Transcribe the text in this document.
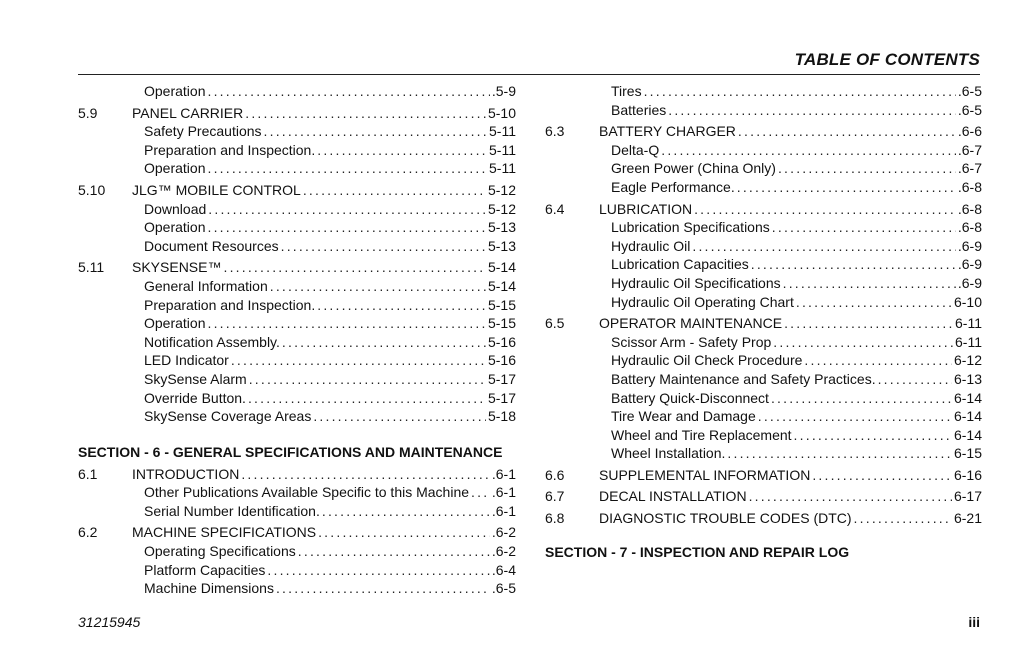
TABLE OF CONTENTS
Operation .....	.5-9
5.9	PANEL CARRIER .....	5-10
Safety Precautions .....	5-11
Preparation and Inspection. .....	5-11
Operation .....	5-11
5.10	JLG™ MOBILE CONTROL .....	5-12
Download .....	5-12
Operation .....	5-13
Document Resources .....	5-13
5.11	SKYSENSE™ .....	5-14
General Information .....	5-14
Preparation and Inspection. .....	5-15
Operation .....	5-15
Notification Assembly. .....	5-16
LED Indicator .....	5-16
SkySense Alarm .....	5-17
Override Button. .....	5-17
SkySense Coverage Areas .....	5-18
SECTION - 6 - GENERAL SPECIFICATIONS AND MAINTENANCE
6.1	INTRODUCTION .....	.6-1
Other Publications Available Specific to this Machine ..... .6-1
Serial Number Identification. .....	.6-1
6.2	MACHINE SPECIFICATIONS .....	.6-2
Operating Specifications .....	.6-2
Platform Capacities .....	.6-4
Machine Dimensions .....	.6-5
Tires .....	.6-5
Batteries .....	.6-5
6.3	BATTERY CHARGER .....	.6-6
Delta-Q .....	.6-7
Green Power (China Only) .....	.6-7
Eagle Performance. .....	.6-8
6.4	LUBRICATION .....	.6-8
Lubrication Specifications .....	.6-8
Hydraulic Oil .....	.6-9
Lubrication Capacities .....	.6-9
Hydraulic Oil Specifications .....	.6-9
Hydraulic Oil Operating Chart .....	6-10
6.5	OPERATOR MAINTENANCE .....	6-11
Scissor Arm - Safety Prop .....	6-11
Hydraulic Oil Check Procedure .....	6-12
Battery Maintenance and Safety Practices. .....	6-13
Battery Quick-Disconnect .....	6-14
Tire Wear and Damage .....	6-14
Wheel and Tire Replacement .....	6-14
Wheel Installation. .....	6-15
6.6	SUPPLEMENTAL INFORMATION .....	6-16
6.7	DECAL INSTALLATION .....	6-17
6.8	DIAGNOSTIC TROUBLE CODES (DTC) .....	6-21
SECTION - 7 - INSPECTION AND REPAIR LOG
31215945	iii
